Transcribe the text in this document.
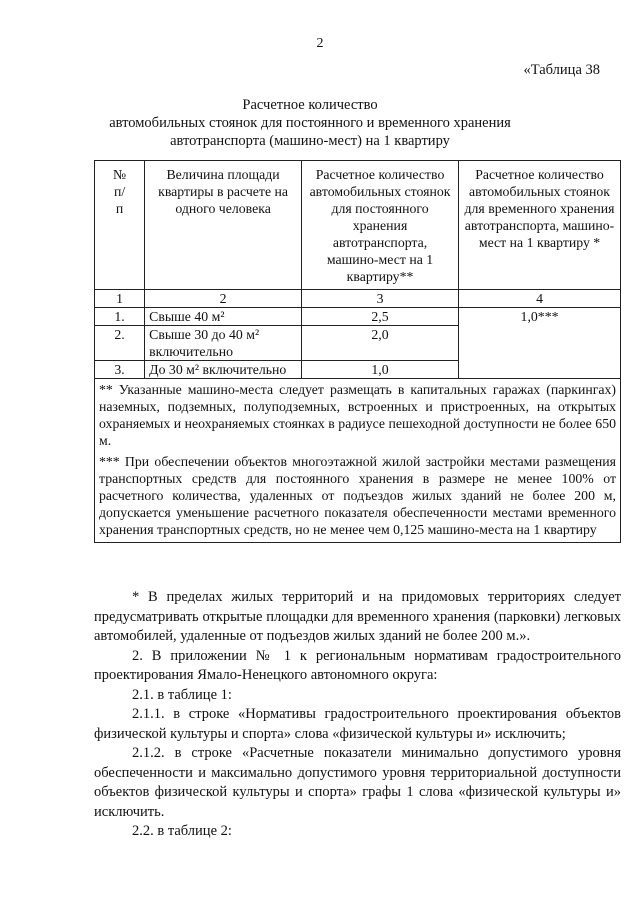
2
«Таблица 38
Расчетное количество
автомобильных стоянок для постоянного и временного хранения
автотранспорта (машино-мест) на 1 квартиру
№ п/п	Величина площади квартиры в расчете на одного человека	Расчетное количество автомобильных стоянок для постоянного хранения автотранспорта, машино-мест на 1 квартиру**	Расчетное количество автомобильных стоянок для временного хранения автотранспорта, машино-мест на 1 квартиру *
1	2	3	4
1.	Свыше 40 м²	2,5	1,0***
2.	Свыше 30 до 40 м² включительно	2,0	
3.	До 30 м² включительно	1,0	

** Указанные машино-места следует размещать в капитальных гаражах (паркингах) наземных, подземных, полуподземных, встроенных и пристроенных, на открытых охраняемых и неохраняемых стоянках в радиусе пешеходной доступности не более 650 м.
*** При обеспечении объектов многоэтажной жилой застройки местами размещения транспортных средств для постоянного хранения в размере не менее 100% от расчетного количества, удаленных от подъездов жилых зданий не более 200 м, допускается уменьшение расчетного показателя обеспеченности местами временного хранения транспортных средств, но не менее чем 0,125 машино-места на 1 квартиру			

* В пределах жилых территорий и на придомовых территориях следует предусматривать открытые площадки для временного хранения (парковки) легковых автомобилей, удаленные от подъездов жилых зданий не более 200 м.».

2. В приложении № 1 к региональным нормативам градостроительного проектирования Ямало-Ненецкого автономного округа:

2.1. в таблице 1:

2.1.1. в строке «Нормативы градостроительного проектирования объектов физической культуры и спорта» слова «физической культуры и» исключить;

2.1.2. в строке «Расчетные показатели минимально допустимого уровня обеспеченности и максимально допустимого уровня территориальной доступности объектов физической культуры и спорта» графы 1 слова «физической культуры и» исключить.

2.2. в таблице 2:
